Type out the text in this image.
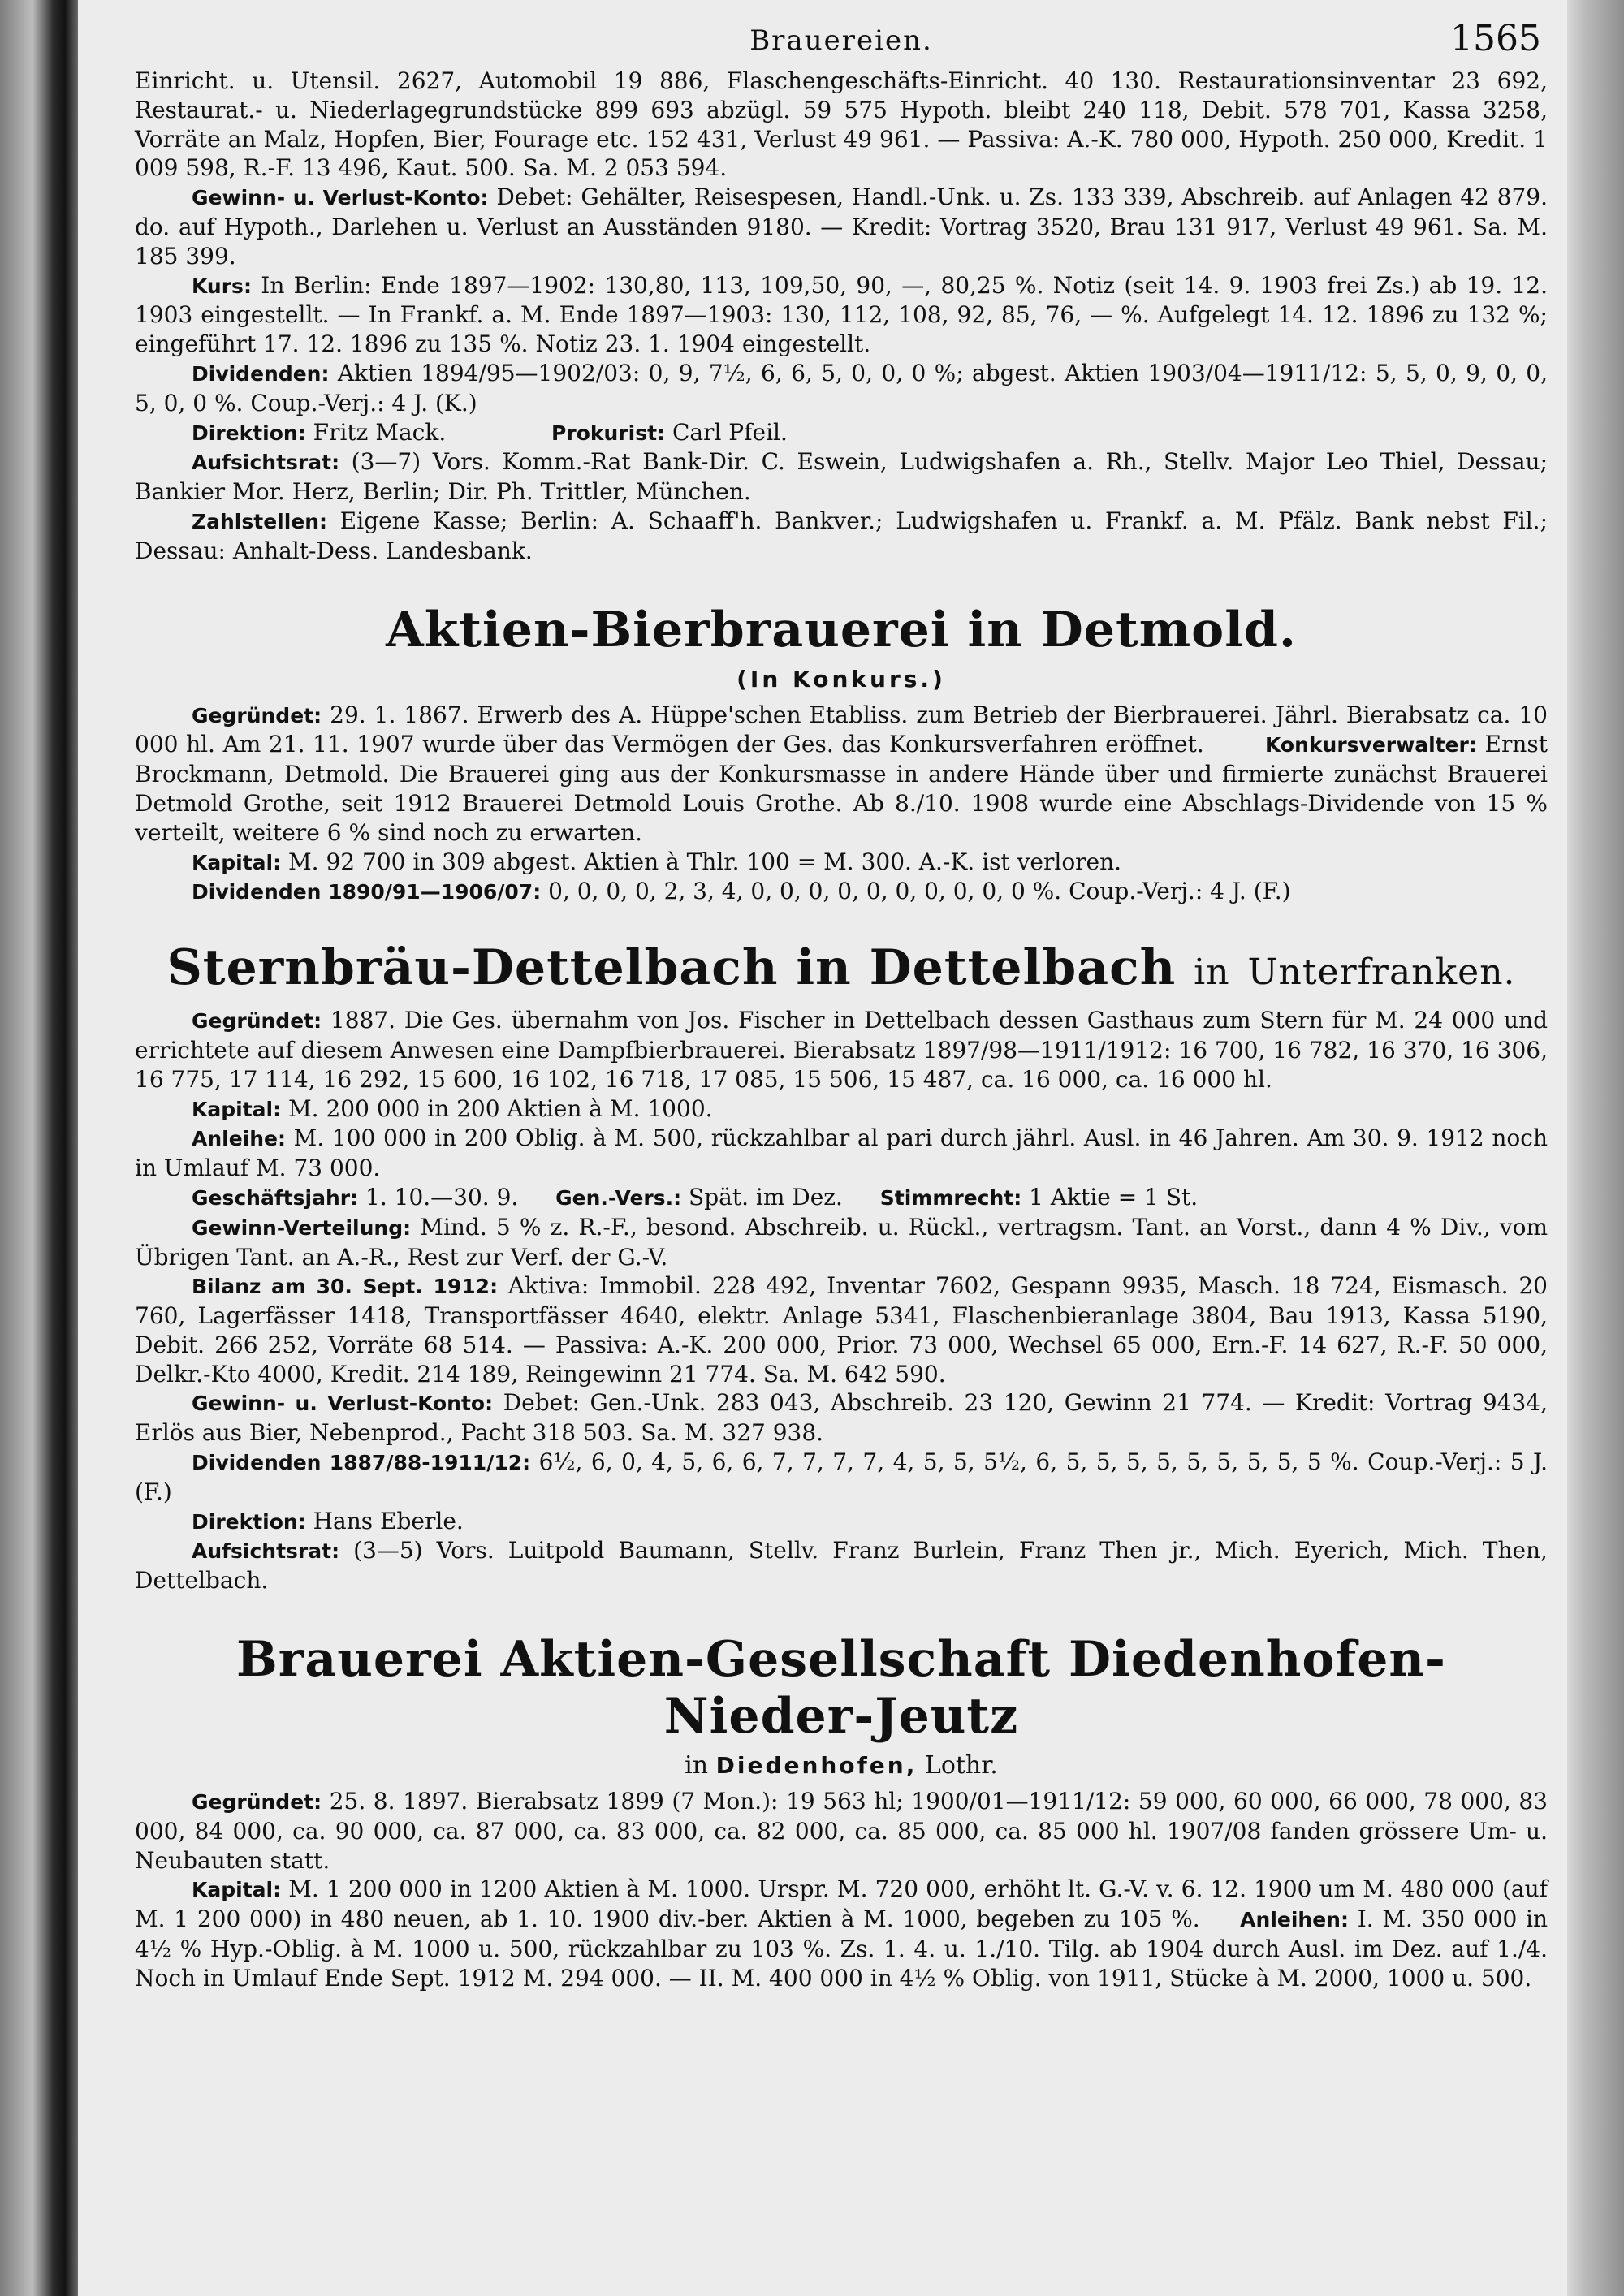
Brauereien.	1565

Einricht. u. Utensil. 2627, Automobil 19 886, Flaschengeschäfts-Einricht. 40 130. Restaurationsinventar 23 692, Restaurat.- u. Niederlagegrundstücke 899 693 abzügl. 59 575 Hypoth. bleibt 240 118, Debit. 578 701, Kassa 3258, Vorräte an Malz, Hopfen, Bier, Fourage etc. 152 431, Verlust 49 961. — Passiva: A.-K. 780 000, Hypoth. 250 000, Kredit. 1 009 598, R.-F. 13 496, Kaut. 500. Sa. M. 2 053 594.

Gewinn- u. Verlust-Konto: Debet: Gehälter, Reisespesen, Handl.-Unk. u. Zs. 133 339, Abschreib. auf Anlagen 42 879. do. auf Hypoth., Darlehen u. Verlust an Ausständen 9180. — Kredit: Vortrag 3520, Brau 131 917, Verlust 49 961. Sa. M. 185 399.

Kurs: In Berlin: Ende 1897—1902: 130,80, 113, 109,50, 90, —, 80,25 %. Notiz (seit 14. 9. 1903 frei Zs.) ab 19. 12. 1903 eingestellt. — In Frankf. a. M. Ende 1897—1903: 130, 112, 108, 92, 85, 76, — %. Aufgelegt 14. 12. 1896 zu 132 %; eingeführt 17. 12. 1896 zu 135 %. Notiz 23. 1. 1904 eingestellt.

Dividenden: Aktien 1894/95—1902/03: 0, 9, 7½, 6, 6, 5, 0, 0, 0 %; abgest. Aktien 1903/04—1911/12: 5, 5, 0, 9, 0, 0, 5, 0, 0 %. Coup.-Verj.: 4 J. (K.)

Direktion: Fritz Mack.     	Prokurist: Carl Pfeil.

Aufsichtsrat: (3—7) Vors. Komm.-Rat Bank-Dir. C. Eswein, Ludwigshafen a. Rh., Stellv. Major Leo Thiel, Dessau; Bankier Mor. Herz, Berlin; Dir. Ph. Trittler, München.

Zahlstellen: Eigene Kasse; Berlin: A. Schaaff'h. Bankver.; Ludwigshafen u. Frankf. a. M. Pfälz. Bank nebst Fil.; Dessau: Anhalt-Dess. Landesbank.

Aktien-Bierbrauerei in Detmold.
(In Konkurs.)

Gegründet: 29. 1. 1867. Erwerb des A. Hüppe'schen Etabliss. zum Betrieb der Bierbrauerei. Jährl. Bierabsatz ca. 10 000 hl. Am 21. 11. 1907 wurde über das Vermögen der Ges. das Konkursverfahren eröffnet.   	Konkursverwalter: Ernst Brockmann, Detmold. Die Brauerei ging aus der Konkursmasse in andere Hände über und firmierte zunächst Brauerei Detmold Grothe, seit 1912 Brauerei Detmold Louis Grothe. Ab 8./10. 1908 wurde eine Abschlags-Dividende von 15 % verteilt, weitere 6 % sind noch zu erwarten.

Kapital: M. 92 700 in 309 abgest. Aktien à Thlr. 100 = M. 300. A.-K. ist verloren.

Dividenden 1890/91—1906/07: 0, 0, 0, 0, 2, 3, 4, 0, 0, 0, 0, 0, 0, 0, 0, 0, 0 %. Coup.-Verj.: 4 J. (F.)

Sternbräu-Dettelbach in Dettelbach in Unterfranken.

Gegründet: 1887. Die Ges. übernahm von Jos. Fischer in Dettelbach dessen Gasthaus zum Stern für M. 24 000 und errichtete auf diesem Anwesen eine Dampfbierbrauerei. Bierabsatz 1897/98—1911/1912: 16 700, 16 782, 16 370, 16 306, 16 775, 17 114, 16 292, 15 600, 16 102, 16 718, 17 085, 15 506, 15 487, ca. 16 000, ca. 16 000 hl.

Kapital: M. 200 000 in 200 Aktien à M. 1000.

Anleihe: M. 100 000 in 200 Oblig. à M. 500, rückzahlbar al pari durch jährl. Ausl. in 46 Jahren. Am 30. 9. 1912 noch in Umlauf M. 73 000.

Geschäftsjahr: 1. 10.—30. 9.   Gen.-Vers.: Spät. im Dez.   Stimmrecht: 1 Aktie = 1 St.

Gewinn-Verteilung: Mind. 5 % z. R.-F., besond. Abschreib. u. Rückl., vertragsm. Tant. an Vorst., dann 4 % Div., vom Übrigen Tant. an A.-R., Rest zur Verf. der G.-V.

Bilanz am 30. Sept. 1912: Aktiva: Immobil. 228 492, Inventar 7602, Gespann 9935, Masch. 18 724, Eismasch. 20 760, Lagerfässer 1418, Transportfässer 4640, elektr. Anlage 5341, Flaschenbieranlage 3804, Bau 1913, Kassa 5190, Debit. 266 252, Vorräte 68 514. — Passiva: A.-K. 200 000, Prior. 73 000, Wechsel 65 000, Ern.-F. 14 627, R.-F. 50 000, Delkr.-Kto 4000, Kredit. 214 189, Reingewinn 21 774. Sa. M. 642 590.

Gewinn- u. Verlust-Konto: Debet: Gen.-Unk. 283 043, Abschreib. 23 120, Gewinn 21 774. — Kredit: Vortrag 9434, Erlös aus Bier, Nebenprod., Pacht 318 503. Sa. M. 327 938.

Dividenden 1887/88-1911/12: 6½, 6, 0, 4, 5, 6, 6, 7, 7, 7, 7, 4, 5, 5, 5½, 6, 5, 5, 5, 5, 5, 5, 5, 5, 5 %. Coup.-Verj.: 5 J. (F.)

Direktion: Hans Eberle.

Aufsichtsrat: (3—5) Vors. Luitpold Baumann, Stellv. Franz Burlein, Franz Then jr., Mich. Eyerich, Mich. Then, Dettelbach.

Brauerei Aktien-Gesellschaft Diedenhofen-Nieder-Jeutz
in Diedenhofen, Lothr.

Gegründet: 25. 8. 1897. Bierabsatz 1899 (7 Mon.): 19 563 hl; 1900/01—1911/12: 59 000, 60 000, 66 000, 78 000, 83 000, 84 000, ca. 90 000, ca. 87 000, ca. 83 000, ca. 82 000, ca. 85 000, ca. 85 000 hl. 1907/08 fanden grössere Um- u. Neubauten statt.

Kapital: M. 1 200 000 in 1200 Aktien à M. 1000. Urspr. M. 720 000, erhöht lt. G.-V. v. 6. 12. 1900 um M. 480 000 (auf M. 1 200 000) in 480 neuen, ab 1. 10. 1900 div.-ber. Aktien à M. 1000, begeben zu 105 %.   Anleihen: I. M. 350 000 in 4½ % Hyp.-Oblig. à M. 1000 u. 500, rückzahlbar zu 103 %. Zs. 1. 4. u. 1./10. Tilg. ab 1904 durch Ausl. im Dez. auf 1./4. Noch in Umlauf Ende Sept. 1912 M. 294 000. — II. M. 400 000 in 4½ % Oblig. von 1911, Stücke à M. 2000, 1000 u. 500.
